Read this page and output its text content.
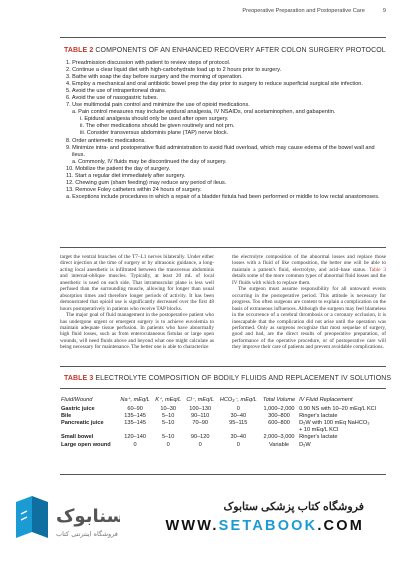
Preoperative Preparation and Postoperative Care	9
TABLE 2 COMPONENTS OF AN ENHANCED RECOVERY AFTER COLON SURGERY PROTOCOL
1. Preadmission discussion with patient to review steps of protocol.
2. Continue a clear liquid diet with high-carbohydrate load up to 2 hours prior to surgery.
3. Bathe with soap the day before surgery and the morning of operation.
4. Employ a mechanical and oral antibiotic bowel prep the day prior to surgery to reduce superficial surgical site infection.
5. Avoid the use of intraperitoneal drains.
6. Avoid the use of nasogastric tubes.
7. Use multimodal pain control and minimize the use of opioid medications.
a. Pain control measures may include epidural analgesia, IV NSAIDs, oral acetaminophen, and gabapentin.
i. Epidural analgesia should only be used after open surgery.
ii. The other medications should be given routinely and not prn.
iii. Consider transversus abdominis plane (TAP) nerve block.
8. Order antiemetic medications.
9. Minimize intra- and postoperative fluid administration to avoid fluid overload, which may cause edema of the bowel wall and ileus.
a. Commonly, IV fluids may be discontinued the day of surgery.
10. Mobilize the patient the day of surgery.
11. Start a regular diet immediately after surgery.
12. Chewing gum (sham feeding) may reduce any period of ileus.
13. Remove Foley catheters within 24 hours of surgery.
a. Exceptions include procedures in which a repair of a bladder fistula had been performed or middle to low rectal anastomoses.

target the ventral branches of the T7–L1 nerves bilaterally. Under either direct injection at the time of surgery or by ultrasonic guidance, a long-acting local anesthetic is infiltrated between the transversus abdominis and internal-oblique muscles. Typically, at least 20 mL of local anesthetic is used on each side. That intramuscular plane is less well perfused than the surrounding muscle, allowing for longer than usual absorption times and therefore longer periods of activity. It has been demonstrated that opioid use is significantly decreased over the first 48 hours postoperatively in patients who receive TAP blocks.

The major goal of fluid management in the postoperative patient who has undergone urgent or emergent surgery is to achieve euvolemia to maintain adequate tissue perfusion. In patients who have abnormally high fluid losses, such as from enterocutaneous fistulas or large open wounds, will need fluids above and beyond what one might calculate as being necessary for maintenance. The better one is able to characterize

the electrolyte composition of the abnormal losses and replace those losses with a fluid of like composition, the better one will be able to maintain a patient's fluid, electrolyte, and acid–base status. Table 3 details some of the more common types of abnormal fluid losses and the IV fluids with which to replace them.

The surgeon must assume responsibility for all untoward events occurring in the postoperative period. This attitude is necessary for progress. Too often surgeons are content to explain a complication on the basis of extraneous influences. Although the surgeon may feel blameless in the occurrence of a cerebral thrombosis or a coronary occlusion, it is inescapable that the complication did not arise until the operation was performed. Only as surgeons recognize that most sequelae of surgery, good and bad, are the direct results of preoperative preparation, of performance of the operative procedure, or of postoperative care will they improve their care of patients and prevent avoidable complications.

TABLE 3 ELECTROLYTE COMPOSITION OF BODILY FLUIDS AND REPLACEMENT IV SOLUTIONS
Fluid/Wound	Na⁺, mEq/L	K⁺, mEq/L	Cl⁻, mEq/L	HCO₃⁻, mEq/L	Total Volume	IV Fluid Replacement
Gastric juice	60–90	10–30	100–130	0	1,000–2,000	0.90 NS with 10–20 mEq/L KCl
Bile	135–145	5–10	90–110	30–40	300–800	Ringer's lactate
Pancreatic juice	135–145	5–10	70–90	95–115	600–800	D₅W with 100 mEq NaHCO₃
						+ 10 mEq/L KCl
Small bowel	120–140	5–10	90–120	30–40	2,000–3,000	Ringer's lactate
Large open wound	0	0	0	0	Variable	D₅W
سنابوک
فروشگاه اینترنتی کتاب
فروشگاه کتاب پزشکی ستابوک
WWW.SETABOOK.COM
